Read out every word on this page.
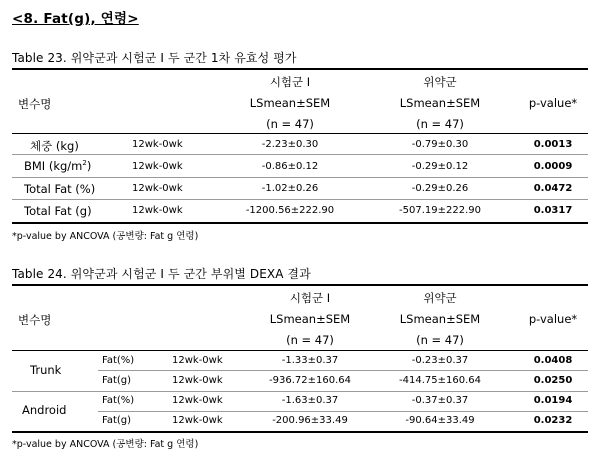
<8. Fat(g), 연령>
Table 23. 위약군과 시험군 I 두 군간 1차 유효성 평가
시험군 I	위약군
변수명	LSmean±SEM	LSmean±SEM	p-value*
(n = 47)	(n = 47)
체중 (kg)	12wk-0wk	-2.23±0.30	-0.79±0.30	0.0013
BMI $(kg/m^2)$	12wk-0wk	-0.86±0.12	-0.29±0.12	0.0009
Total Fat (%)	12wk-0wk	-1.02±0.26	-0.29±0.26	0.0472
Total Fat (g)	12wk-0wk	-1200.56±222.90	-507.19±222.90	0.0317
*p-value by ANCOVA (공변량: Fat g 연령)
Table 24. 위약군과 시험군 I 두 군간 부위별 DEXA 결과
시험군 I	위약군
변수명	LSmean±SEM	LSmean±SEM	p-value*
(n = 47)	(n = 47)
Trunk
Fat(%)	12wk-0wk	-1.33±0.37	-0.23±0.37	0.0408
Fat(g)	12wk-0wk	-936.72±160.64	-414.75±160.64	0.0250
Android
Fat(%)	12wk-0wk	-1.63±0.37	-0.37±0.37	0.0194
Fat(g)	12wk-0wk	-200.96±33.49	-90.64±33.49	0.0232
*p-value by ANCOVA (공변량: Fat g 연령)
